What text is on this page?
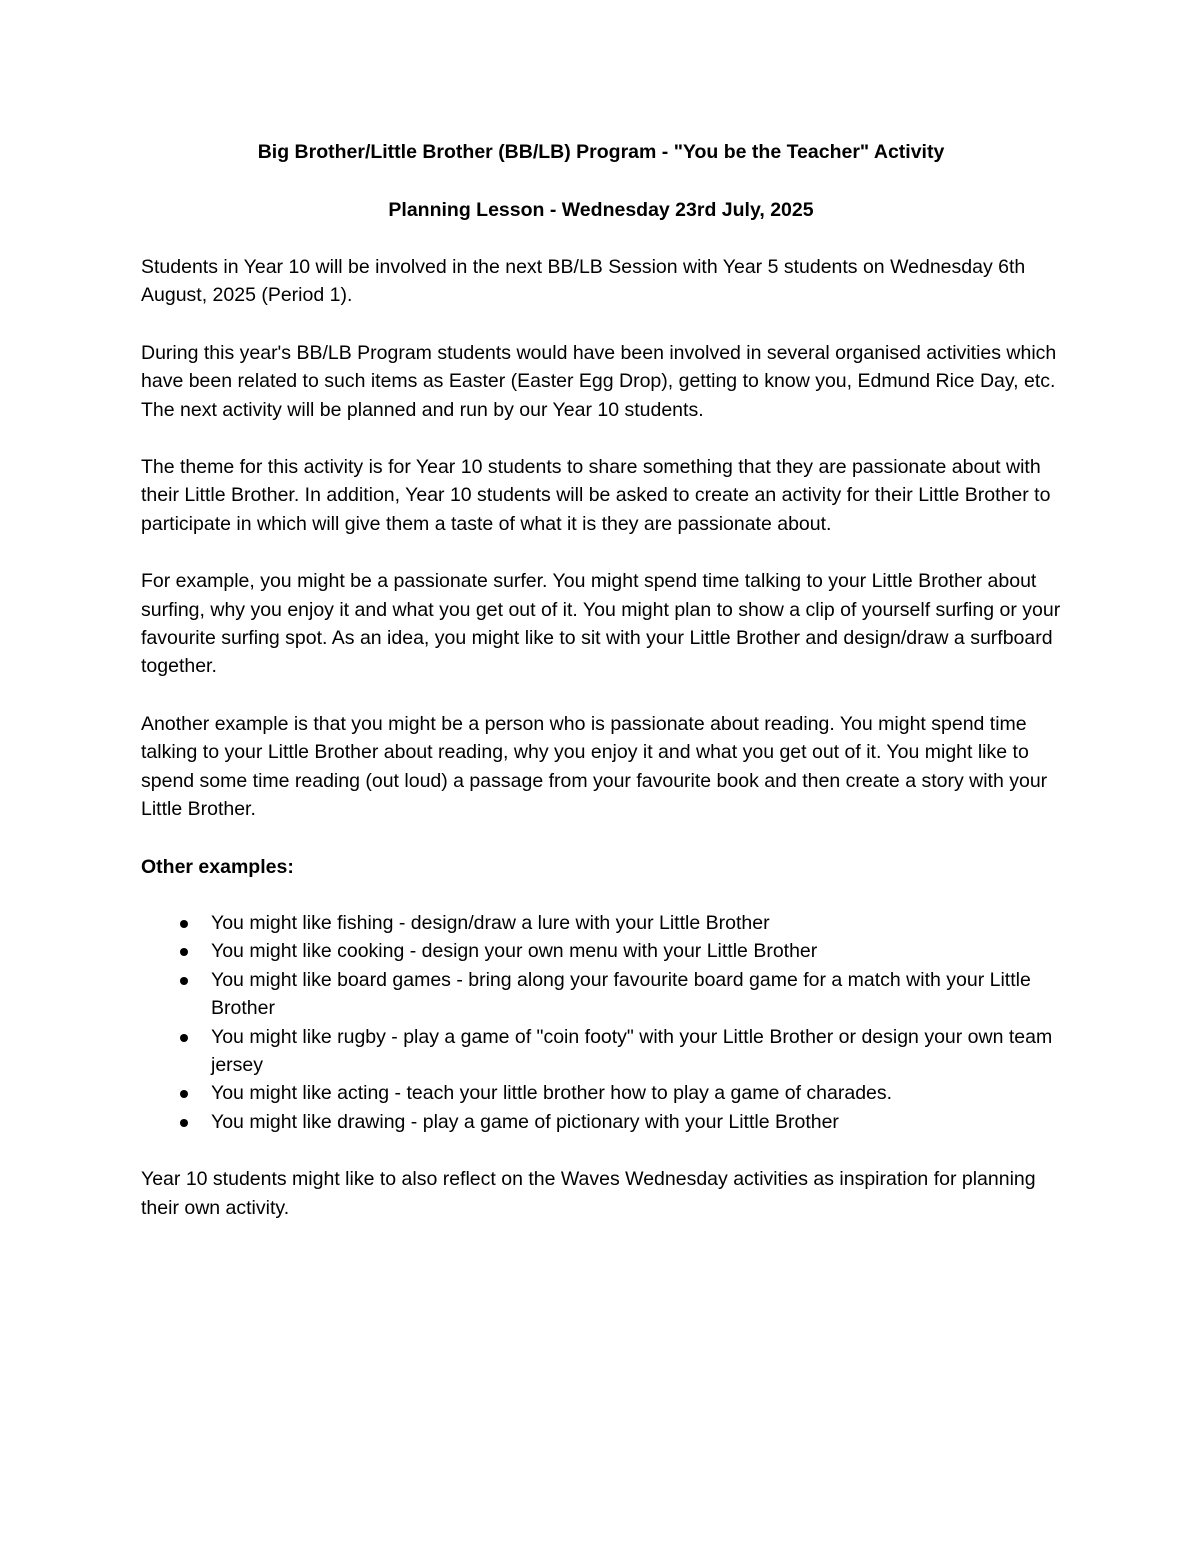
Big Brother/Little Brother (BB/LB) Program - "You be the Teacher" Activity
Planning Lesson - Wednesday 23rd July, 2025

Students in Year 10 will be involved in the next BB/LB Session with Year 5 students on Wednesday 6th August, 2025 (Period 1).

During this year's BB/LB Program students would have been involved in several organised activities which have been related to such items as Easter (Easter Egg Drop), getting to know you, Edmund Rice Day, etc. The next activity will be planned and run by our Year 10 students.

The theme for this activity is for Year 10 students to share something that they are passionate about with their Little Brother. In addition, Year 10 students will be asked to create an activity for their Little Brother to participate in which will give them a taste of what it is they are passionate about.

For example, you might be a passionate surfer. You might spend time talking to your Little Brother about surfing, why you enjoy it and what you get out of it. You might plan to show a clip of yourself surfing or your favourite surfing spot. As an idea, you might like to sit with your Little Brother and design/draw a surfboard together.

Another example is that you might be a person who is passionate about reading. You might spend time talking to your Little Brother about reading, why you enjoy it and what you get out of it. You might like to spend some time reading (out loud) a passage from your favourite book and then create a story with your Little Brother.

Other examples:

You might like fishing - design/draw a lure with your Little Brother
You might like cooking - design your own menu with your Little Brother
You might like board games - bring along your favourite board game for a match with your Little Brother
You might like rugby - play a game of "coin footy" with your Little Brother or design your own team jersey
You might like acting - teach your little brother how to play a game of charades.
You might like drawing - play a game of pictionary with your Little Brother

Year 10 students might like to also reflect on the Waves Wednesday activities as inspiration for planning their own activity.
